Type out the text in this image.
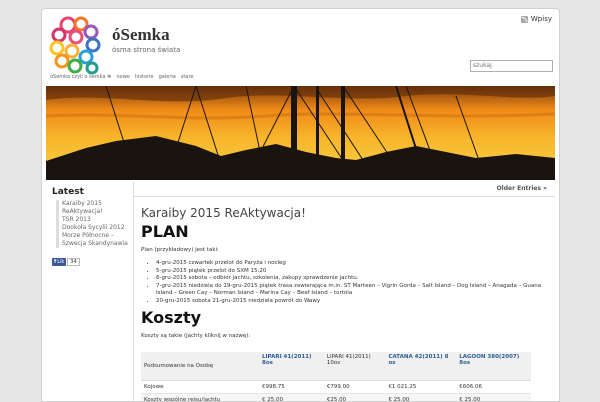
óSemka
ósma strona świata
Wpisy
szukaj
óSemka czyli o semka ☸ nowe historie galeria stare
Latest
Karaiby 2015 ReAktywacja!
TSR 2013
Dookoła Sycylii 2012
Morze Północne – Szwecja Skandynawia
f Lik	34
Older Entries »
Karaiby 2015 ReAktywacja!
PLAN
Plan (przykładowy) jest taki:
• 4-gru-2015 czwartek przelot do Paryża i nocleg
• 5-gru-2015 piątek przelot do SXM 15:20
• 6-gru-2015 sobota – odbiór jachtu, szkolenia, zakupy sprawdzenie jachtu.
• 7-gru-2015 niedziela do 19-gru-2015 piątek trasa zawierająca m.in. ST Marteen – Vigrin Gorda – Salt Island – Dog Island – Anagada – Guana Island – Green Cay – Norman Island – Marina Cay – Beef Island – tortola
• 20-gru-2015 sobota 21-gru-2015 niedziela powrót do Wawy
Koszty
Koszty są takie (jachty kliknij w nazwę):
Podsumowanie na Osobę	LIPARI 41(2011) 8os	LIPARI 41(2011) 10os	CATANA 42(2011) 8 os	LAGOON 380(2007) 8os
Kojowe	€998.75	€799.00	€1 021.25	€606.06
Koszty wspólne rejsu/jachtu	€ 25.00	€25.00	€ 25.00	€ 25.00
